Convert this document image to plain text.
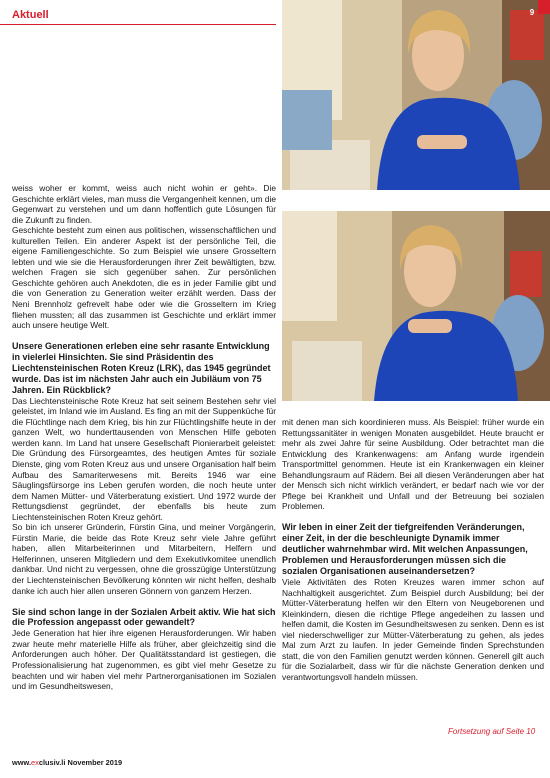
Aktuell	9

weiss woher er kommt, weiss auch nicht wohin er geht». Die Geschichte erklärt vieles, man muss die Vergangenheit kennen, um die Gegenwart zu verstehen und um dann hoffentlich gute Lösungen für die Zukunft zu finden.

Geschichte besteht zum einen aus politischen, wissenschaftlichen und kulturellen Teilen. Ein anderer Aspekt ist der persönliche Teil, die eigene Familiengeschichte. So zum Beispiel wie unsere Grosseltern lebten und wie sie die Herausforderungen ihrer Zeit bewältigten, bzw. welchen Fragen sie sich gegenüber sahen. Zur persönlichen Geschichte gehören auch Anekdoten, die es in jeder Familie gibt und die von Generation zu Generation weiter erzählt werden. Dass der Neni Brennholz gefrevelt habe oder wie die Grosseltern im Krieg fliehen mussten; all das zusammen ist Geschichte und erklärt immer auch unsere heutige Welt.

Unsere Generationen erleben eine sehr rasante Entwicklung in vielerlei Hinsichten. Sie sind Präsidentin des Liechtensteinischen Roten Kreuz (LRK), das 1945 gegründet wurde. Das ist im nächsten Jahr auch ein Jubiläum von 75 Jahren. Ein Rückblick?

Das Liechtensteinische Rote Kreuz hat seit seinem Bestehen sehr viel geleistet, im Inland wie im Ausland. Es fing an mit der Suppenküche für die Flüchtlinge nach dem Krieg, bis hin zur Flüchtlingshilfe heute in der ganzen Welt, wo hunderttausenden von Menschen Hilfe geboten werden kann. Im Land hat unsere Gesellschaft Pionierarbeit geleistet: Die Gründung des Fürsorgeamtes, des heutigen Amtes für soziale Dienste, ging vom Roten Kreuz aus und unsere Organisation half beim Aufbau des Samariterwesens mit. Bereits 1946 war eine Säuglingsfürsorge ins Leben gerufen worden, die noch heute unter dem Namen Mütter- und Väterberatung existiert. Und 1972 wurde der Rettungsdienst gegründet, der ebenfalls bis heute zum Liechtensteinischen Roten Kreuz gehört.

So bin ich unserer Gründerin, Fürstin Gina, und meiner Vorgängerin, Fürstin Marie, die beide das Rote Kreuz sehr viele Jahre geführt haben, allen Mitarbeiterinnen und Mitarbeitern, Helfern und Helferinnen, unseren Mitgliedern und dem Exekutivkomitee unendlich dankbar. Und nicht zu vergessen, ohne die grosszügige Unterstützung der Liechtensteinischen Bevölkerung könnten wir nicht helfen, deshalb danke ich auch hier allen unseren Gönnern von ganzem Herzen.

Sie sind schon lange in der Sozialen Arbeit aktiv. Wie hat sich die Profession angepasst oder gewandelt?

Jede Generation hat hier ihre eigenen Herausforderungen. Wir haben zwar heute mehr materielle Hilfe als früher, aber gleichzeitig sind die Anforderungen auch höher. Der Qualitätsstandard ist gestiegen, die Professionalisierung hat zugenommen, es gibt viel mehr Gesetze zu beachten und wir haben viel mehr Partnerorganisationen im Sozialen und im Gesundheitswesen,

mit denen man sich koordinieren muss. Als Beispiel: früher wurde ein Rettungssanitäter in wenigen Monaten ausgebildet. Heute braucht er mehr als zwei Jahre für seine Ausbildung. Oder betrachtet man die Entwicklung des Krankenwagens: am Anfang wurde irgendein Transportmittel genommen. Heute ist ein Krankenwagen ein kleiner Behandlungsraum auf Rädern. Bei all diesen Veränderungen aber hat der Mensch sich nicht wirklich verändert, er bedarf nach wie vor der Pflege bei Krankheit und Unfall und der Betreuung bei sozialen Problemen.

Wir leben in einer Zeit der tiefgreifenden Veränderungen, einer Zeit, in der die beschleunigte Dynamik immer deutlicher wahrnehmbar wird. Mit welchen Anpassungen, Problemen und Herausforderungen müssen sich die sozialen Organisationen auseinandersetzen?

Viele Aktivitäten des Roten Kreuzes waren immer schon auf Nachhaltigkeit ausgerichtet. Zum Beispiel durch Ausbildung; bei der Mütter-Väterberatung helfen wir den Eltern von Neugeborenen und Kleinkindern, diesen die richtige Pflege angedeihen zu lassen und helfen damit, die Kosten im Gesundheitswesen zu senken. Denn es ist viel niederschwelliger zur Mütter-Väterberatung zu gehen, als jedes Mal zum Arzt zu laufen. In jeder Gemeinde finden Sprechstunden statt, die von den Familien genutzt werden können. Generell gilt auch für die Sozialarbeit, dass wir für die nächste Generation denken und verantwortungsvoll handeln müssen.

Fortsetzung auf Seite 10
www.exclusiv.li November 2019
